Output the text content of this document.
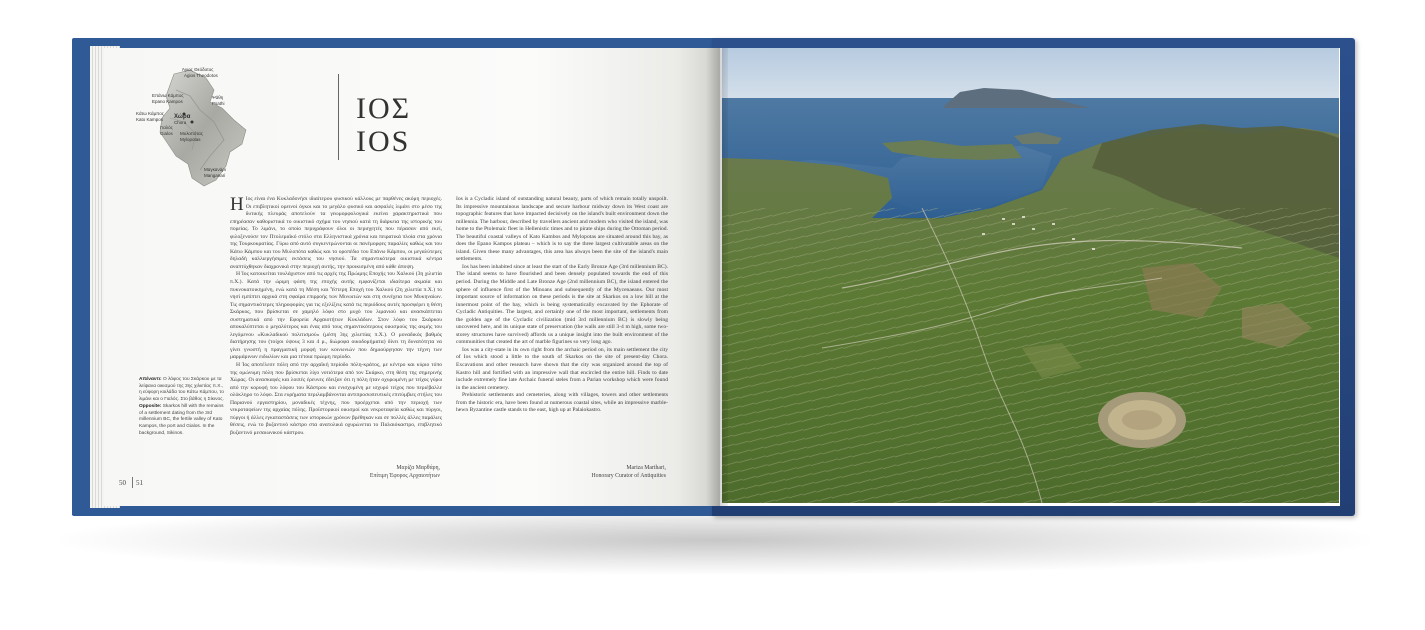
Άγιος Θεόδοτος
Agios Theodotos
Επάνω Κάμπος
Epano Kampos
Κάτω Κάμπος
Kato Kampos Χώρα
Chora
Γιαλός
Gialos Μυλοπότας
Mylopotas
Ψάθη
Psathi
Μαγκανάρι
Manganari
ΙΟΣ
IOS

Η Ιος είναι ένα Κυκλαδονήσι ιδιαίτερου φυσικού κάλλους με παρθένες ακόμη περιοχές. Οι επιβλητικοί ορεινοί όγκοι και το μεγάλο φυσικό και ασφαλές λιμάνι στο μέσο της δυτικής πλευράς αποτελούν τα γεωμορφολογικά εκείνα χαρακτηριστικά που επηρέασαν καθοριστικά το οικιστικό σχήμα του νησιού κατά τη διάρκεια της ιστορικής του πορείας. Το λιμάνι, το οποίο περιγράφουν όλοι οι περιηγητές που πέρασαν από εκεί, φιλοξενούσε τον Πτολεμαϊκό στόλο στα Ελληνιστικά χρόνια και πειρατικά πλοία στα χρόνια της Τουρκοκρατίας. Γύρω από αυτό συγκεντρώνονται οι πανέμορφες παραλίες καθώς και του Κάτω Κάμπου και του Μυλοπότα καθώς και το οροπέδιο του Επάνω Κάμπου, οι μεγαλύτερες δηλαδή καλλιεργήσιμες εκτάσεις του νησιού. Τα σημαντικότερα οικιστικά κέντρα αναπτύχθηκαν διαχρονικά στην περιοχή αυτής, την προικισμένη από κάθε άποψη.

Η Ίος κατοικείται τουλάχιστον από τις αρχές της Πρώιμης Εποχής του Χαλκού (3η χιλιετία π.Χ.). Κατά την ώριμη φάση της εποχής αυτής εμφανίζεται ιδιαίτερα ακμαία και πυκνοκατοικημένη, ενώ κατά τη Μέση και Ύστερη Εποχή του Χαλκού (2η χιλιετία π.Χ.) το νησί εμπίπτει αρχικά στη σφαίρα επιρροής των Μινωιτών και στη συνέχεια των Μυκηναίων. Τις σημαντικότερες πληροφορίες για τις εξελίξεις κατά τις περιόδους αυτές προσφέρει η θέση Σκάρκος, που βρίσκεται σε χαμηλό λόφο στο μυχό του λιμανιού και ανασκάπτεται συστηματικά από την Εφορεία Αρχαιοτήτων Κυκλάδων. Στον λόφο του Σκάρκου αποκαλύπτεται ο μεγαλύτερος και ένας από τους σημαντικότερους οικισμούς της ακμής του λεγόμενου «Κυκλαδικού πολιτισμού» (μέση 3ης χιλιετίας π.Χ.). Ο μοναδικός βαθμός διατήρησης του (τοίχοι ύψους 3 και 4 μ., διώροφα οικοδομήματα) δίνει τη δυνατότητα να γίνει γνωστή η πραγματική μορφή των κοινωνιών που δημιούργησαν την τέχνη των μαρμάρινων ειδωλίων και μια τέτοια πρώιμη περίοδο.

Η Ίος αποτέλεσε πόλη από την αρχαϊκή περίοδο πόλη-κράτος, με κέντρο και κύριο τόπο της ομώνυμη πόλη που βρίσκεται λίγο νοτιότερα από τον Σκάρκο, στη θέση της σημερινής Χώρας. Οι ανασκαφές και λοιπές έρευνες έδειξαν ότι η πόλη ήταν οχυρωμένη με τείχος γύρω από την κορυφή του λόφου του Κάστρου και ενισχυμένη με ισχυρό τείχος που περιέβαλλε ολόκληρο το λόφο. Στα ευρήματα περιλαμβάνονται αντιπροσωπευτικές επιτύμβιες στήλες του Παριανού εργαστηρίου, μοναδικές τέχνης, που προέρχεται από την περιοχή των νεκροταφείων της αρχαίας πόλης. Προϊστορικοί οικισμοί και νεκροταφεία καθώς και πύργοι, πύργοι ή άλλες εγκαταστάσεις των ιστορικών χρόνων βρέθηκαν και σε πολλές άλλες παράλιες θέσεις, ενώ το βυζαντινό κάστρο στα ανατολικά οχυρώνεται το Παλαιόκαστρο, επιβλητικό βυζαντινό μεσαιωνικού κάστρου.

Ios is a Cycladic island of outstanding natural beauty, parts of which remain totally unspoilt. Its impressive mountainous landscape and secure harbour midway down its West coast are topographic features that have impacted decisively on the island's built environment down the millennia. The harbour, described by travellers ancient and modern who visited the island, was home to the Ptolemaic fleet in Hellenistic times and to pirate ships during the Ottoman period. The beautiful coastal valleys of Kato Kambos and Mylopotas are situated around this bay, as does the Epano Kampos plateau – which is to say the three largest cultivatable areas on the island. Given these many advantages, this area has always been the site of the island's main settlements.

Ios has been inhabited since at least the start of the Early Bronze Age (3rd millennium BC). The island seems to have flourished and been densely populated towards the end of this period. During the Middle and Late Bronze Age (2nd millennium BC), the island entered the sphere of influence first of the Minoans and subsequently of the Mycenaeans. Our most important source of information on these periods is the site at Skarkos on a low hill at the innermost point of the bay, which is being systematically excavated by the Ephorate of Cycladic Antiquities. The largest, and certainly one of the most important, settlements from the golden age of the Cycladic civilization (mid 3rd millennium BC) is slowly being uncovered here, and its unique state of preservation (the walls are still 3-4 m high, some two-storey structures have survived) affords us a unique insight into the built environment of the communities that created the art of marble figurines so very long ago.

Ios was a city-state in its own right from the archaic period on, its main settlement the city of Ios which stood a little to the south of Skarkos on the site of present-day Chora. Excavations and other research have shown that the city was organized around the top of Kastro hill and fortified with an impressive wall that encircled the entire hill. Finds to date include extremely fine late Archaic funeral steles from a Parian workshop which were found in the ancient cemetery.

Prehistoric settlements and cemeteries, along with villages, towers and other settlements from the historic era, have been found at numerous coastal sites, while an impressive marble-hewn Byzantine castle stands to the east, high up at Palaiokastro.

Απέναντι: Ο λόφος του Σκάρκου με τα λείψανα οικισμού της 3ης χιλιετίας π.Χ., η εύφορη κοιλάδα του Κάτω Κάμπου, το λιμάνι και ο Γιαλός. Στο βάθος η Σίκινος.
Opposite: Skarkos hill with the remains of a settlement dating from the 3rd millennium BC, the fertile valley of Kato Kampos, the port and Gialos. In the background, Sikinos.
Μαρίζα Μαρθάρη,
Επίτιμη Έφορος Αρχαιοτήτων
Mariza Marthari,
Honorary Curator of Antiquities
50 51
